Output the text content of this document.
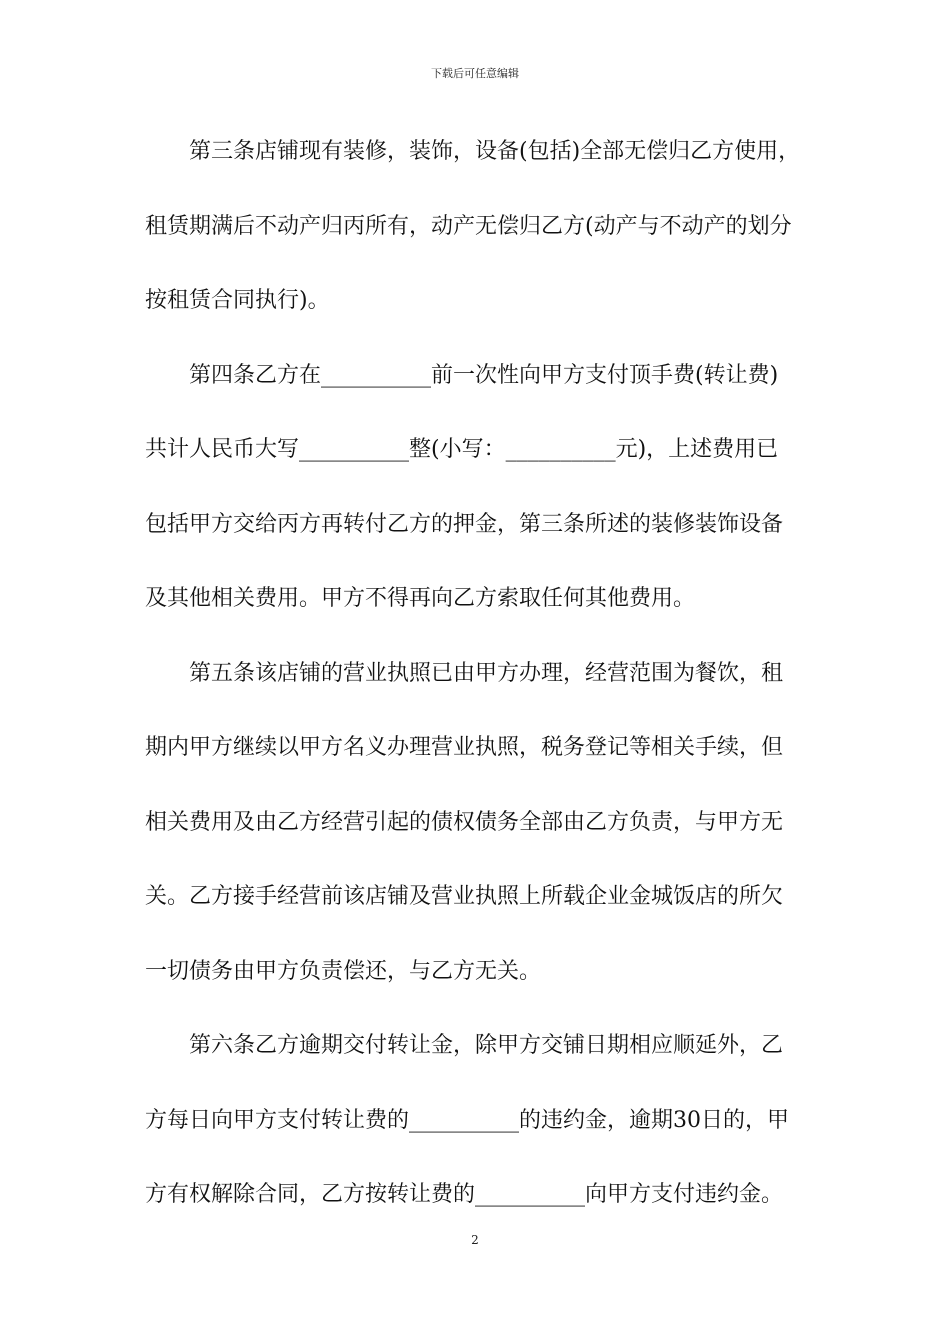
下载后可任意编辑
第三条店铺现有装修，装饰，设备(包括)全部无偿归乙方使用，
租赁期满后不动产归丙所有，动产无偿归乙方(动产与不动产的划分
按租赁合同执行)。
第四条乙方在__________前一次性向甲方支付顶手费(转让费)
共计人民币大写__________整(小写：__________元)，上述费用已
包括甲方交给丙方再转付乙方的押金，第三条所述的装修装饰设备
及其他相关费用。甲方不得再向乙方索取任何其他费用。
第五条该店铺的营业执照已由甲方办理，经营范围为餐饮，租
期内甲方继续以甲方名义办理营业执照，税务登记等相关手续，但
相关费用及由乙方经营引起的债权债务全部由乙方负责，与甲方无
关。乙方接手经营前该店铺及营业执照上所载企业金城饭店的所欠
一切债务由甲方负责偿还，与乙方无关。
第六条乙方逾期交付转让金，除甲方交铺日期相应顺延外，乙
方每日向甲方支付转让费的__________的违约金，逾期30日的，甲
方有权解除合同，乙方按转让费的__________向甲方支付违约金。
2
